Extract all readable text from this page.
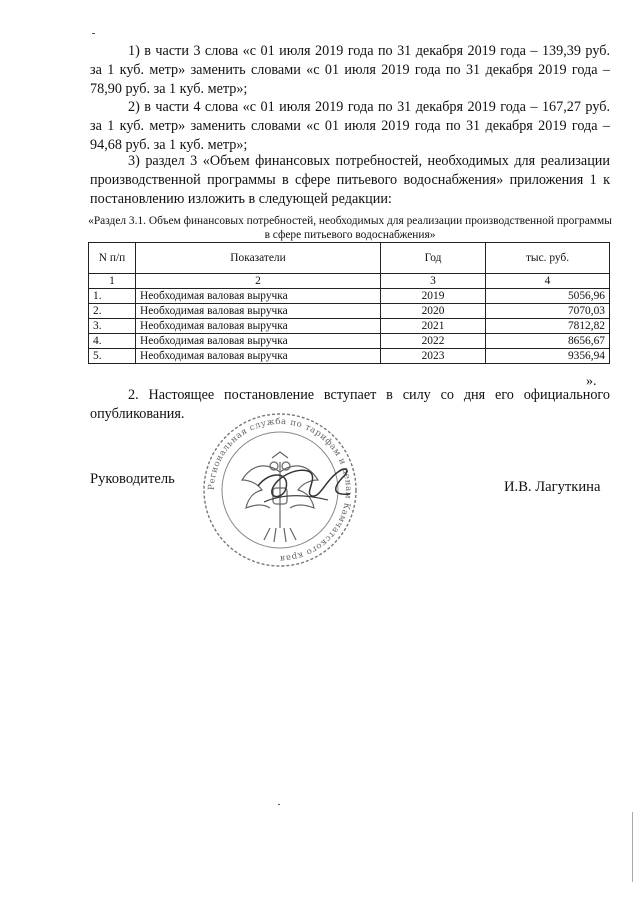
1) в части 3 слова «с 01 июля 2019 года по 31 декабря 2019 года – 139,39 руб. за 1 куб. метр» заменить словами «с 01 июля 2019 года по 31 декабря 2019 года – 78,90 руб. за 1 куб. метр»;
2) в части 4 слова «с 01 июля 2019 года по 31 декабря 2019 года – 167,27 руб. за 1 куб. метр» заменить словами «с 01 июля 2019 года по 31 декабря 2019 года – 94,68 руб. за 1 куб. метр»;
3) раздел 3 «Объем финансовых потребностей, необходимых для реализации производственной программы в сфере питьевого водоснабжения» приложения 1 к постановлению изложить в следующей редакции:
«Раздел 3.1. Объем финансовых потребностей, необходимых для реализации производственной программы в сфере питьевого водоснабжения»
N п/п	Показатели	Год	тыс. руб.
1	2	3	4
1.	Необходимая валовая выручка	2019	5056,96
2.	Необходимая валовая выручка	2020	7070,03
3.	Необходимая валовая выручка	2021	7812,82
4.	Необходимая валовая выручка	2022	8656,67
5.	Необходимая валовая выручка	2023	9356,94
».
2. Настоящее постановление вступает в силу со дня его официального опубликования.
Региональная служба по тарифам и ценам Камчатского края
Руководитель	И.В. Лагуткина
